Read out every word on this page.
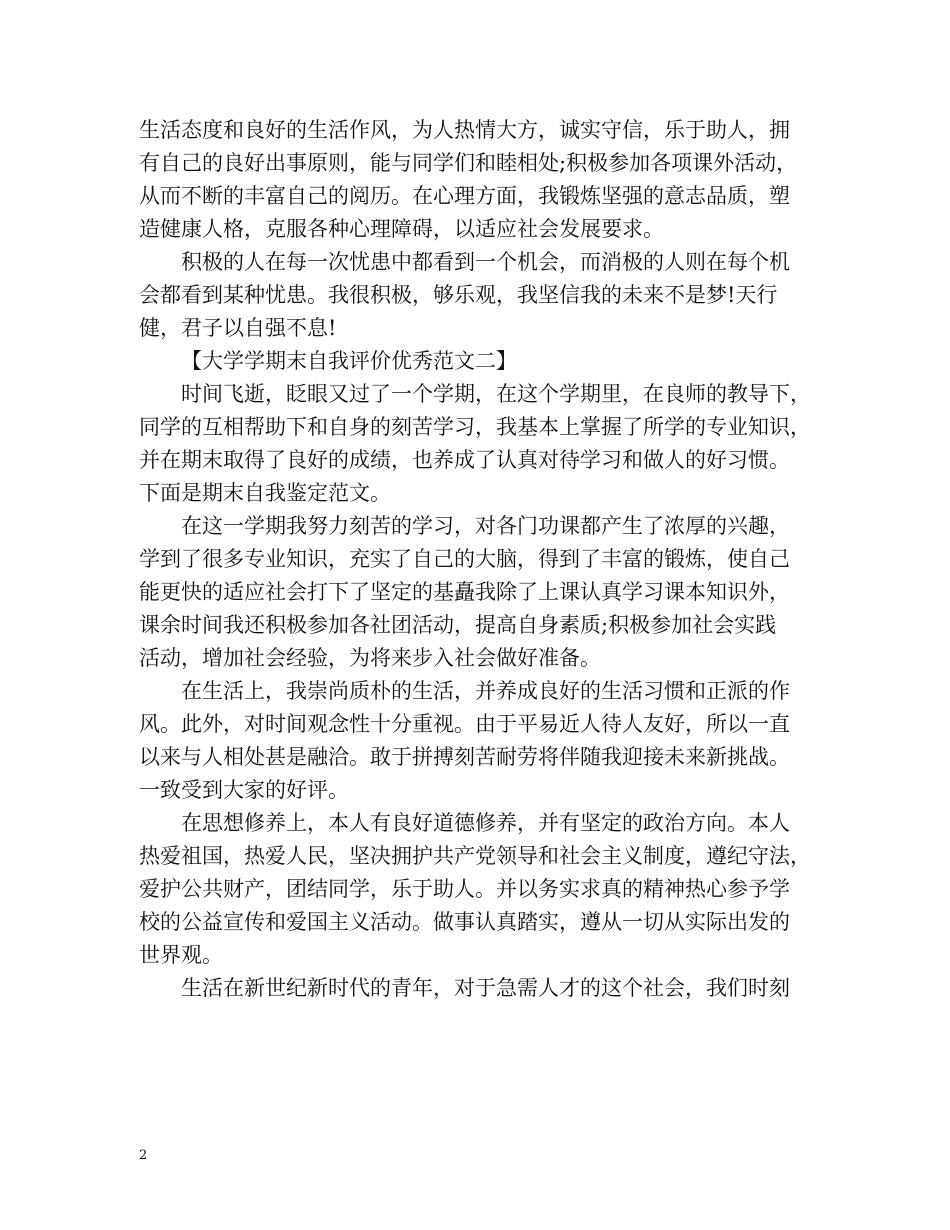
生活态度和良好的生活作风，为人热情大方，诚实守信，乐于助人，拥
有自己的良好出事原则，能与同学们和睦相处;积极参加各项课外活动，
从而不断的丰富自己的阅历。在心理方面，我锻炼坚强的意志品质，塑
造健康人格，克服各种心理障碍，以适应社会发展要求。
积极的人在每一次忧患中都看到一个机会，而消极的人则在每个机
会都看到某种忧患。我很积极，够乐观，我坚信我的未来不是梦!天行
健，君子以自强不息!
【大学学期末自我评价优秀范文二】
时间飞逝，眨眼又过了一个学期，在这个学期里，在良师的教导下，
同学的互相帮助下和自身的刻苦学习，我基本上掌握了所学的专业知识，
并在期末取得了良好的成绩，也养成了认真对待学习和做人的好习惯。
下面是期末自我鉴定范文。
在这一学期我努力刻苦的学习，对各门功课都产生了浓厚的兴趣，
学到了很多专业知识，充实了自己的大脑，得到了丰富的锻炼，使自己
能更快的适应社会打下了坚定的基矗我除了上课认真学习课本知识外，
课余时间我还积极参加各社团活动，提高自身素质;积极参加社会实践
活动，增加社会经验，为将来步入社会做好准备。
在生活上，我崇尚质朴的生活，并养成良好的生活习惯和正派的作
风。此外，对时间观念性十分重视。由于平易近人待人友好，所以一直
以来与人相处甚是融洽。敢于拼搏刻苦耐劳将伴随我迎接未来新挑战。
一致受到大家的好评。
在思想修养上，本人有良好道德修养，并有坚定的政治方向。本人
热爱祖国，热爱人民，坚决拥护共产党领导和社会主义制度，遵纪守法，
爱护公共财产，团结同学，乐于助人。并以务实求真的精神热心参予学
校的公益宣传和爱国主义活动。做事认真踏实，遵从一切从实际出发的
世界观。
生活在新世纪新时代的青年，对于急需人才的这个社会，我们时刻
2
